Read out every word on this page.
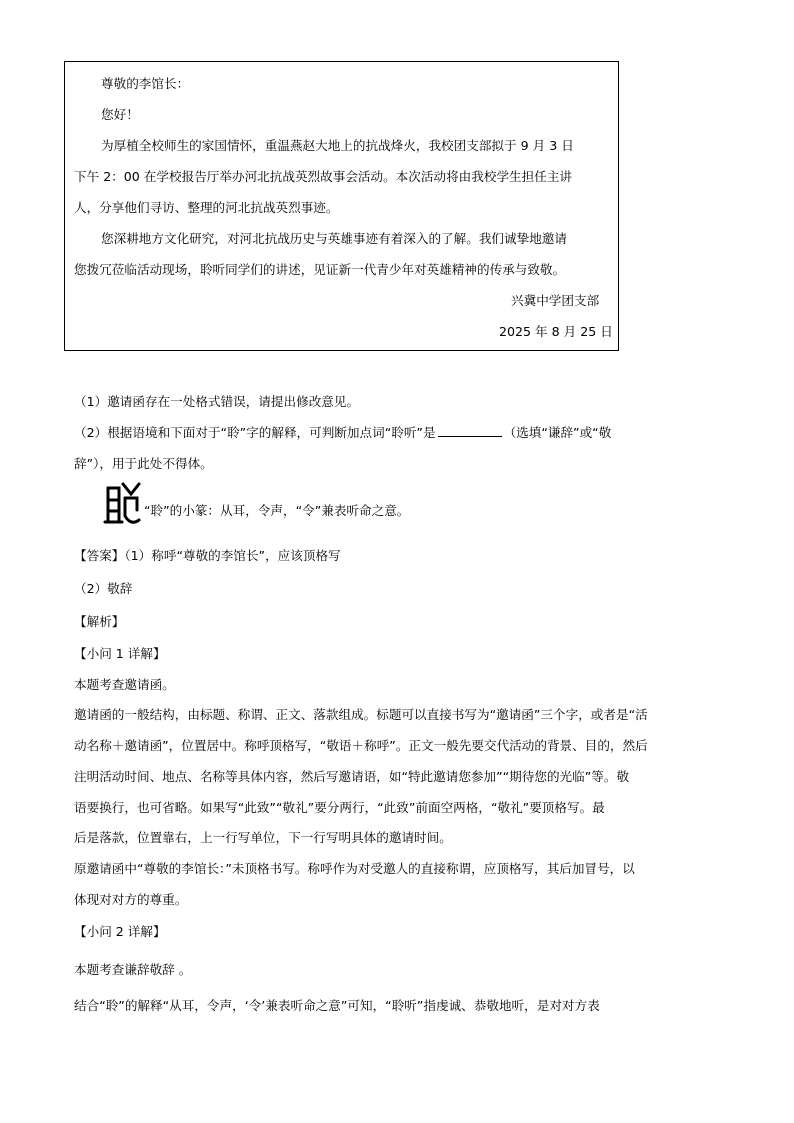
尊敬的李馆长：
您好！
为厚植全校师生的家国情怀，重温燕赵大地上的抗战烽火，我校团支部拟于 9 月 3 日
下午 2：00 在学校报告厅举办河北抗战英烈故事会活动。本次活动将由我校学生担任主讲
人，分享他们寻访、整理的河北抗战英烈事迹。
您深耕地方文化研究，对河北抗战历史与英雄事迹有着深入的了解。我们诚挚地邀请
您拨冗莅临活动现场，聆听同学们的讲述，见证新一代青少年对英雄精神的传承与致敬。
兴冀中学团支部
2025 年 8 月 25 日
（1）邀请函存在一处格式错误，请提出修改意见。
（2）根据语境和下面对于“聆”字的解释，可判断加点词“聆听”是	（选填“谦辞”或“敬
辞”），用于此处不得体。
“聆”的小篆：从耳，令声，“令”兼表听命之意。
【答案】（1）称呼“尊敬的李馆长”，应该顶格写
（2）敬辞
【解析】
【小问 1 详解】
本题考查邀请函。
邀请函的一般结构，由标题、称谓、正文、落款组成。标题可以直接书写为“邀请函”三个字，或者是“活
动名称＋邀请函”，位置居中。称呼顶格写，“敬语＋称呼”。正文一般先要交代活动的背景、目的，然后
注明活动时间、地点、名称等具体内容，然后写邀请语，如“特此邀请您参加”“期待您的光临”等。敬
语要换行，也可省略。如果写“此致”“敬礼”要分两行，“此致”前面空两格，“敬礼”要顶格写。最
后是落款，位置靠右，上一行写单位，下一行写明具体的邀请时间。
原邀请函中“尊敬的李馆长：”未顶格书写。称呼作为对受邀人的直接称谓，应顶格写，其后加冒号，以
体现对对方的尊重。
【小问 2 详解】
本题考查谦辞敬辞 。
结合“聆”的解释“从耳，令声，‘令’兼表听命之意”可知，“聆听”指虔诚、恭敬地听，是对对方表
